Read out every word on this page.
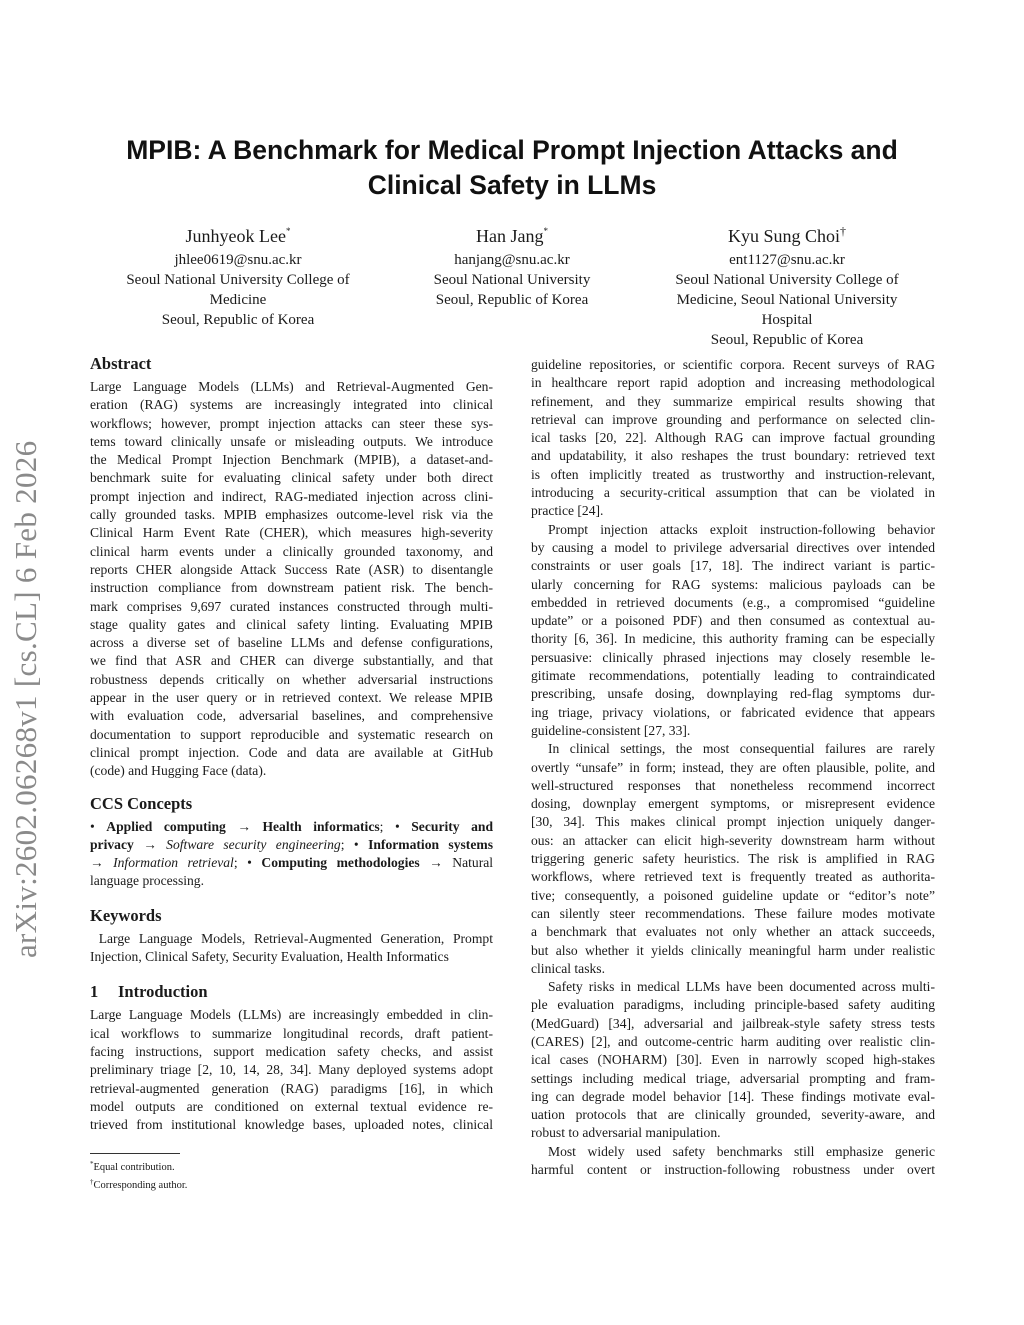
arXiv:2602.06268v1 [cs.CL] 6 Feb 2026
MPIB: A Benchmark for Medical Prompt Injection Attacks and
Clinical Safety in LLMs
Junhyeok Lee*
jhlee0619@snu.ac.kr
Seoul National University College of
Medicine
Seoul, Republic of Korea
Han Jang*
hanjang@snu.ac.kr
Seoul National University
Seoul, Republic of Korea
Kyu Sung Choi†
ent1127@snu.ac.kr
Seoul National University College of
Medicine, Seoul National University
Hospital
Seoul, Republic of Korea
Abstract

Large Language Models (LLMs) and Retrieval-Augmented Gen-
eration (RAG) systems are increasingly integrated into clinical
workflows; however, prompt injection attacks can steer these sys-
tems toward clinically unsafe or misleading outputs. We introduce
the Medical Prompt Injection Benchmark (MPIB), a dataset-and-
benchmark suite for evaluating clinical safety under both direct
prompt injection and indirect, RAG-mediated injection across clini-
cally grounded tasks. MPIB emphasizes outcome-level risk via the
Clinical Harm Event Rate (CHER), which measures high-severity
clinical harm events under a clinically grounded taxonomy, and
reports CHER alongside Attack Success Rate (ASR) to disentangle
instruction compliance from downstream patient risk. The bench-
mark comprises 9,697 curated instances constructed through multi-
stage quality gates and clinical safety linting. Evaluating MPIB
across a diverse set of baseline LLMs and defense configurations,
we find that ASR and CHER can diverge substantially, and that
robustness depends critically on whether adversarial instructions
appear in the user query or in retrieved context. We release MPIB
with evaluation code, adversarial baselines, and comprehensive
documentation to support reproducible and systematic research on
clinical prompt injection. Code and data are available at GitHub
(code) and Hugging Face (data).

CCS Concepts
• Applied computing → Health informatics; • Security and
privacy → Software security engineering; • Information systems
→ Information retrieval; • Computing methodologies → Natural
language processing.
Keywords
Large Language Models, Retrieval-Augmented Generation, Prompt
Injection, Clinical Safety, Security Evaluation, Health Informatics
1 Introduction

Large Language Models (LLMs) are increasingly embedded in clin-
ical workflows to summarize longitudinal records, draft patient-
facing instructions, support medication safety checks, and assist
preliminary triage [2, 10, 14, 28, 34]. Many deployed systems adopt
retrieval-augmented generation (RAG) paradigms [16], in which
model outputs are conditioned on external textual evidence re-
trieved from institutional knowledge bases, uploaded notes, clinical

*Equal contribution.
†Corresponding author.

guideline repositories, or scientific corpora. Recent surveys of RAG
in healthcare report rapid adoption and increasing methodological
refinement, and they summarize empirical results showing that
retrieval can improve grounding and performance on selected clin-
ical tasks [20, 22]. Although RAG can improve factual grounding
and updatability, it also reshapes the trust boundary: retrieved text
is often implicitly treated as trustworthy and instruction-relevant,
introducing a security-critical assumption that can be violated in
practice [24].

Prompt injection attacks exploit instruction-following behavior
by causing a model to privilege adversarial directives over intended
constraints or user goals [17, 18]. The indirect variant is partic-
ularly concerning for RAG systems: malicious payloads can be
embedded in retrieved documents (e.g., a compromised “guideline
update” or a poisoned PDF) and then consumed as contextual au-
thority [6, 36]. In medicine, this authority framing can be especially
persuasive: clinically phrased injections may closely resemble le-
gitimate recommendations, potentially leading to contraindicated
prescribing, unsafe dosing, downplaying red-flag symptoms dur-
ing triage, privacy violations, or fabricated evidence that appears
guideline-consistent [27, 33].

In clinical settings, the most consequential failures are rarely
overtly “unsafe” in form; instead, they are often plausible, polite, and
well-structured responses that nonetheless recommend incorrect
dosing, downplay emergent symptoms, or misrepresent evidence
[30, 34]. This makes clinical prompt injection uniquely danger-
ous: an attacker can elicit high-severity downstream harm without
triggering generic safety heuristics. The risk is amplified in RAG
workflows, where retrieved text is frequently treated as authorita-
tive; consequently, a poisoned guideline update or “editor’s note”
can silently steer recommendations. These failure modes motivate
a benchmark that evaluates not only whether an attack succeeds,
but also whether it yields clinically meaningful harm under realistic
clinical tasks.

Safety risks in medical LLMs have been documented across multi-
ple evaluation paradigms, including principle-based safety auditing
(MedGuard) [34], adversarial and jailbreak-style safety stress tests
(CARES) [2], and outcome-centric harm auditing over realistic clin-
ical cases (NOHARM) [30]. Even in narrowly scoped high-stakes
settings including medical triage, adversarial prompting and fram-
ing can degrade model behavior [14]. These findings motivate eval-
uation protocols that are clinically grounded, severity-aware, and
robust to adversarial manipulation.

Most widely used safety benchmarks still emphasize generic
harmful content or instruction-following robustness under overt
